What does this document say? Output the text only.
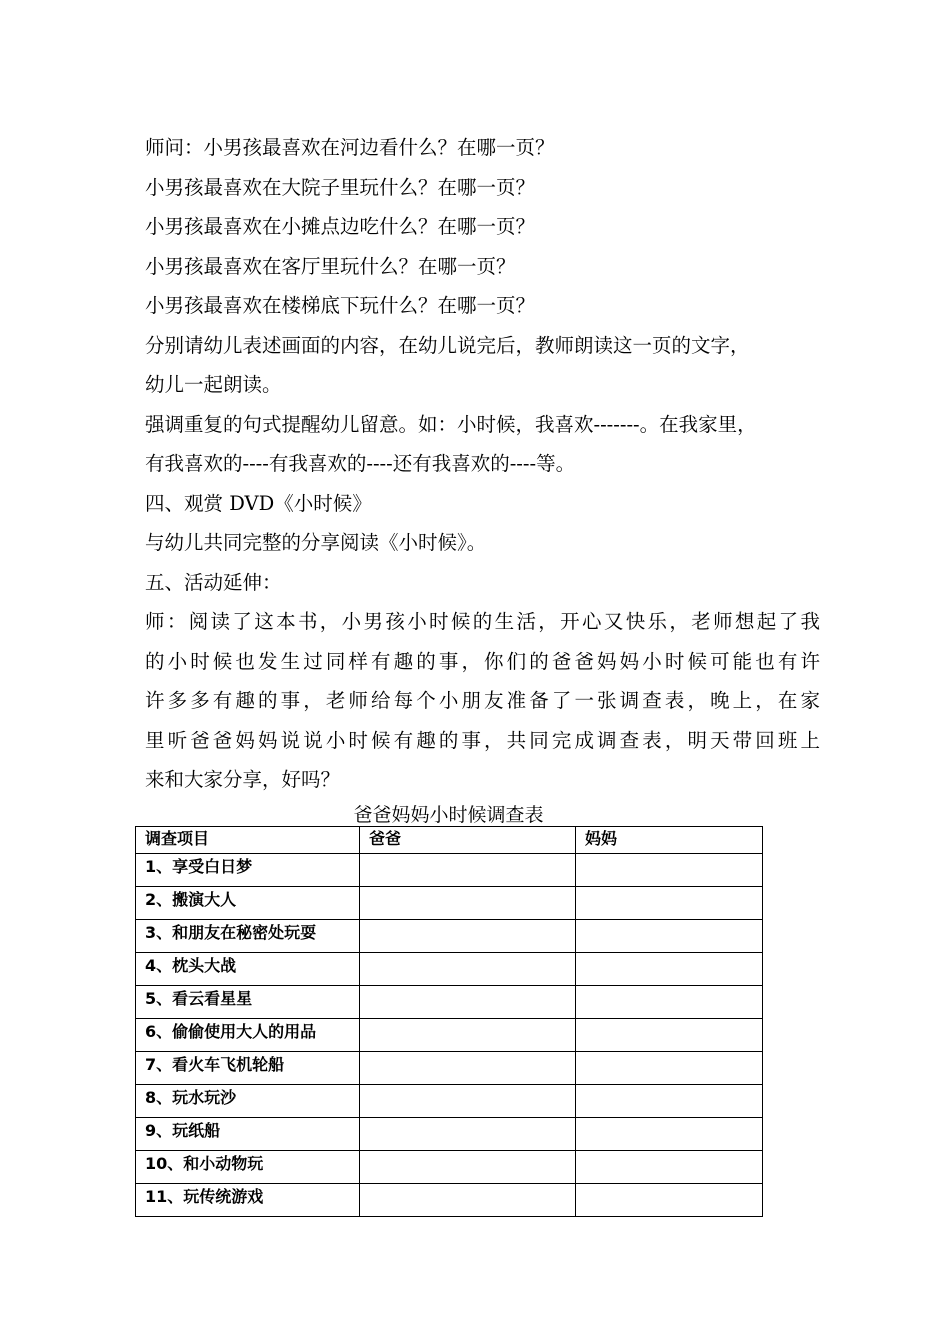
师问：小男孩最喜欢在河边看什么？在哪一页？
小男孩最喜欢在大院子里玩什么？在哪一页？
小男孩最喜欢在小摊点边吃什么？在哪一页？
小男孩最喜欢在客厅里玩什么？在哪一页？
小男孩最喜欢在楼梯底下玩什么？在哪一页？
分别请幼儿表述画面的内容，在幼儿说完后，教师朗读这一页的文字，
幼儿一起朗读。
强调重复的句式提醒幼儿留意。如：小时候，我喜欢-------。在我家里，
有我喜欢的----有我喜欢的----还有我喜欢的----等。
四、观赏 DVD《小时候》
与幼儿共同完整的分享阅读《小时候》。
五、活动延伸：
师：阅读了这本书，小男孩小时候的生活，开心又快乐，老师想起了我
的小时候也发生过同样有趣的事，你们的爸爸妈妈小时候可能也有许
许多多有趣的事，老师给每个小朋友准备了一张调查表，晚上，在家
里听爸爸妈妈说说小时候有趣的事，共同完成调查表，明天带回班上
来和大家分享，好吗？
爸爸妈妈小时候调查表
调查项目	爸爸	妈妈
1、享受白日梦		
2、搬演大人		
3、和朋友在秘密处玩耍		
4、枕头大战		
5、看云看星星		
6、偷偷使用大人的用品		
7、看火车飞机轮船		
8、玩水玩沙		
9、玩纸船		
10、和小动物玩		
11、玩传统游戏		
